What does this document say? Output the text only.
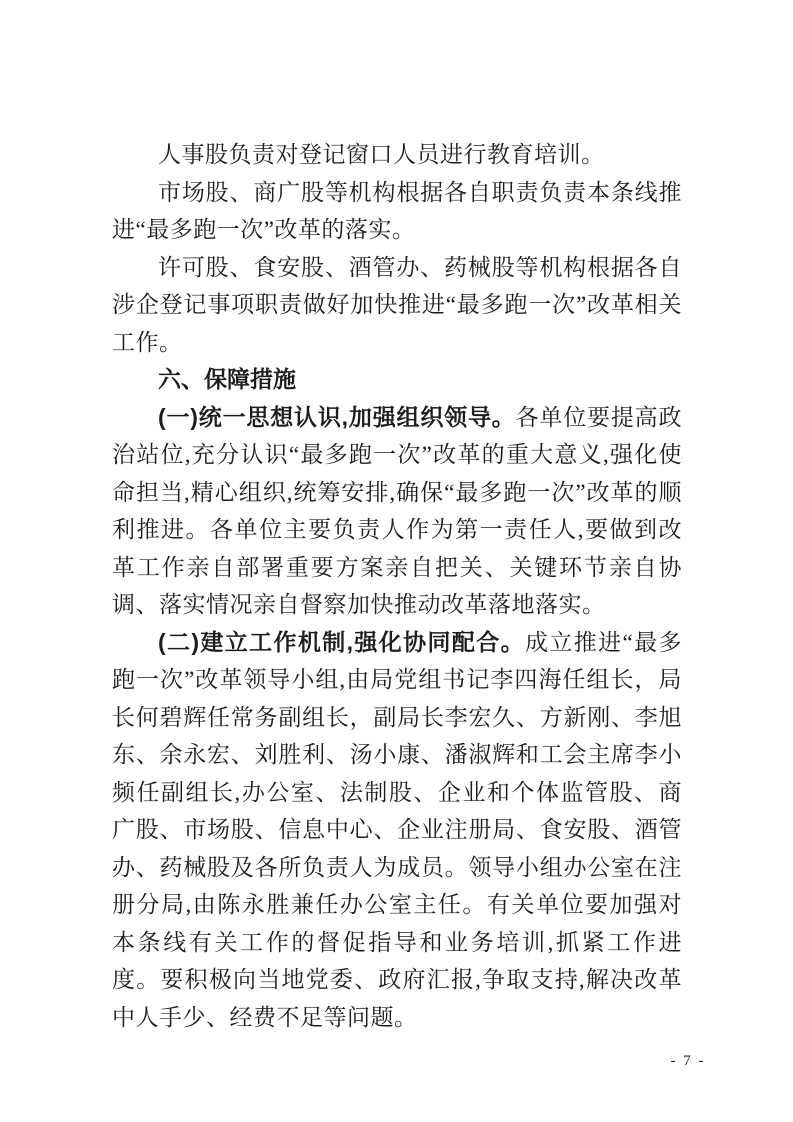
人事股负责对登记窗口人员进行教育培训。

市场股、商广股等机构根据各自职责负责本条线推进“最多跑一次”改革的落实。

许可股、食安股、酒管办、药械股等机构根据各自涉企登记事项职责做好加快推进“最多跑一次”改革相关工作。

六、保障措施

(一)统一思想认识,加强组织领导。各单位要提高政治站位,充分认识“最多跑一次”改革的重大意义,强化使命担当,精心组织,统筹安排,确保“最多跑一次”改革的顺利推进。各单位主要负责人作为第一责任人,要做到改革工作亲自部署重要方案亲自把关、关键环节亲自协调、落实情况亲自督察加快推动改革落地落实。

(二)建立工作机制,强化协同配合。成立推进“最多跑一次”改革领导小组,由局党组书记李四海任组长，局长何碧辉任常务副组长，副局长李宏久、方新刚、李旭东、余永宏、刘胜利、汤小康、潘淑辉和工会主席李小频任副组长,办公室、法制股、企业和个体监管股、商广股、市场股、信息中心、企业注册局、食安股、酒管办、药械股及各所负责人为成员。领导小组办公室在注册分局,由陈永胜兼任办公室主任。有关单位要加强对本条线有关工作的督促指导和业务培训,抓紧工作进度。要积极向当地党委、政府汇报,争取支持,解决改革中人手少、经费不足等问题。

- 7 -
